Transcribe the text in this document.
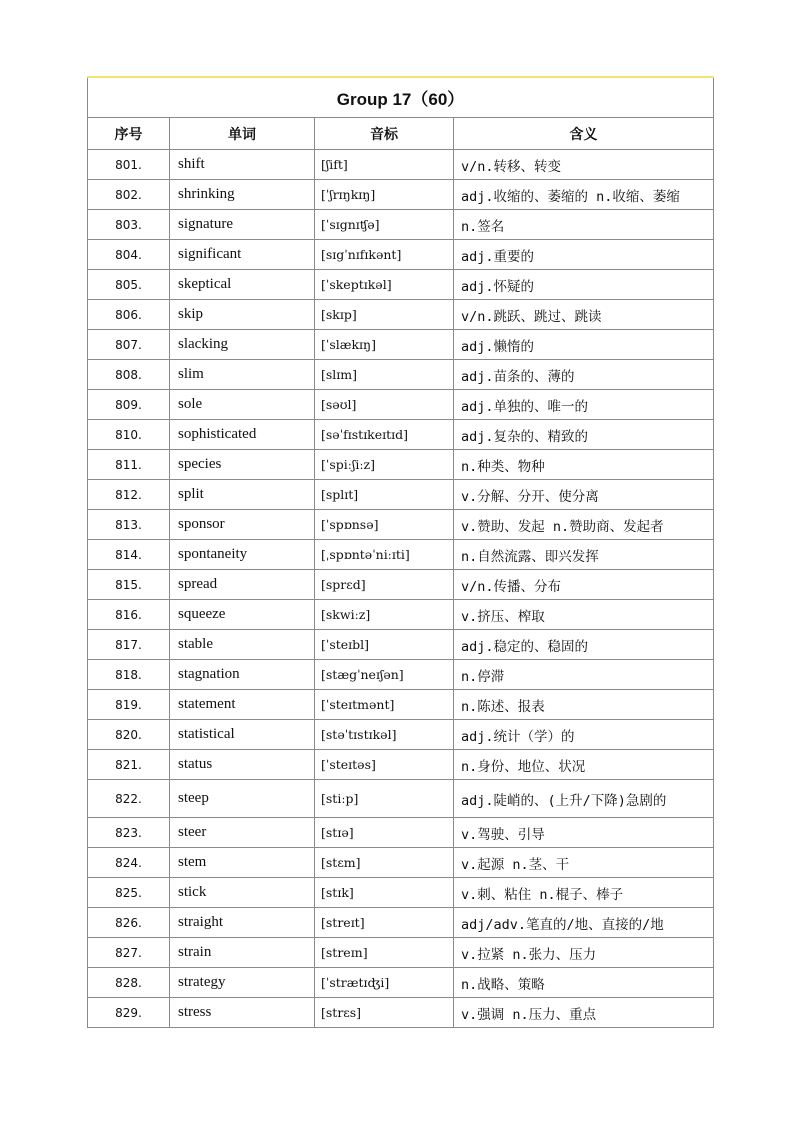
Group 17（60）			
序号	单词	音标	含义
801.	shift	[ʃift]	v/n.转移、转变
802.	shrinking	[ˈʃrɪŋkɪŋ]	adj.收缩的、萎缩的 n.收缩、萎缩
803.	signature	[ˈsɪgnɪʧə]	n.签名
804.	significant	[sɪgˈnɪfɪkənt]	adj.重要的
805.	skeptical	[ˈskeptɪkəl]	adj.怀疑的
806.	skip	[skɪp]	v/n.跳跃、跳过、跳读
807.	slacking	[ˈslækɪŋ]	adj.懒惰的
808.	slim	[slɪm]	adj.苗条的、薄的
809.	sole	[səʊl]	adj.单独的、唯一的
810.	sophisticated	[səˈfɪstɪkeɪtɪd]	adj.复杂的、精致的
811.	species	[ˈspiːʃiːz]	n.种类、物种
812.	split	[splɪt]	v.分解、分开、使分离
813.	sponsor	[ˈspɒnsə]	v.赞助、发起 n.赞助商、发起者
814.	spontaneity	[ˌspɒntəˈniːɪti]	n.自然流露、即兴发挥
815.	spread	[sprɛd]	v/n.传播、分布
816.	squeeze	[skwiːz]	v.挤压、榨取
817.	stable	[ˈsteɪbl]	adj.稳定的、稳固的
818.	stagnation	[stægˈneɪʃən]	n.停滞
819.	statement	[ˈsteɪtmənt]	n.陈述、报表
820.	statistical	[stəˈtɪstɪkəl]	adj.统计（学）的
821.	status	[ˈsteɪtəs]	n.身份、地位、状况
822.	steep	[stiːp]	adj.陡峭的、(上升/下降)急剧的
823.	steer	[stɪə]	v.驾驶、引导
824.	stem	[stɛm]	v.起源 n.茎、干
825.	stick	[stɪk]	v.刺、粘住 n.棍子、棒子
826.	straight	[streɪt]	adj/adv.笔直的/地、直接的/地
827.	strain	[streɪn]	v.拉紧 n.张力、压力
828.	strategy	[ˈstrætɪʤi]	n.战略、策略
829.	stress	[strɛs]	v.强调 n.压力、重点
